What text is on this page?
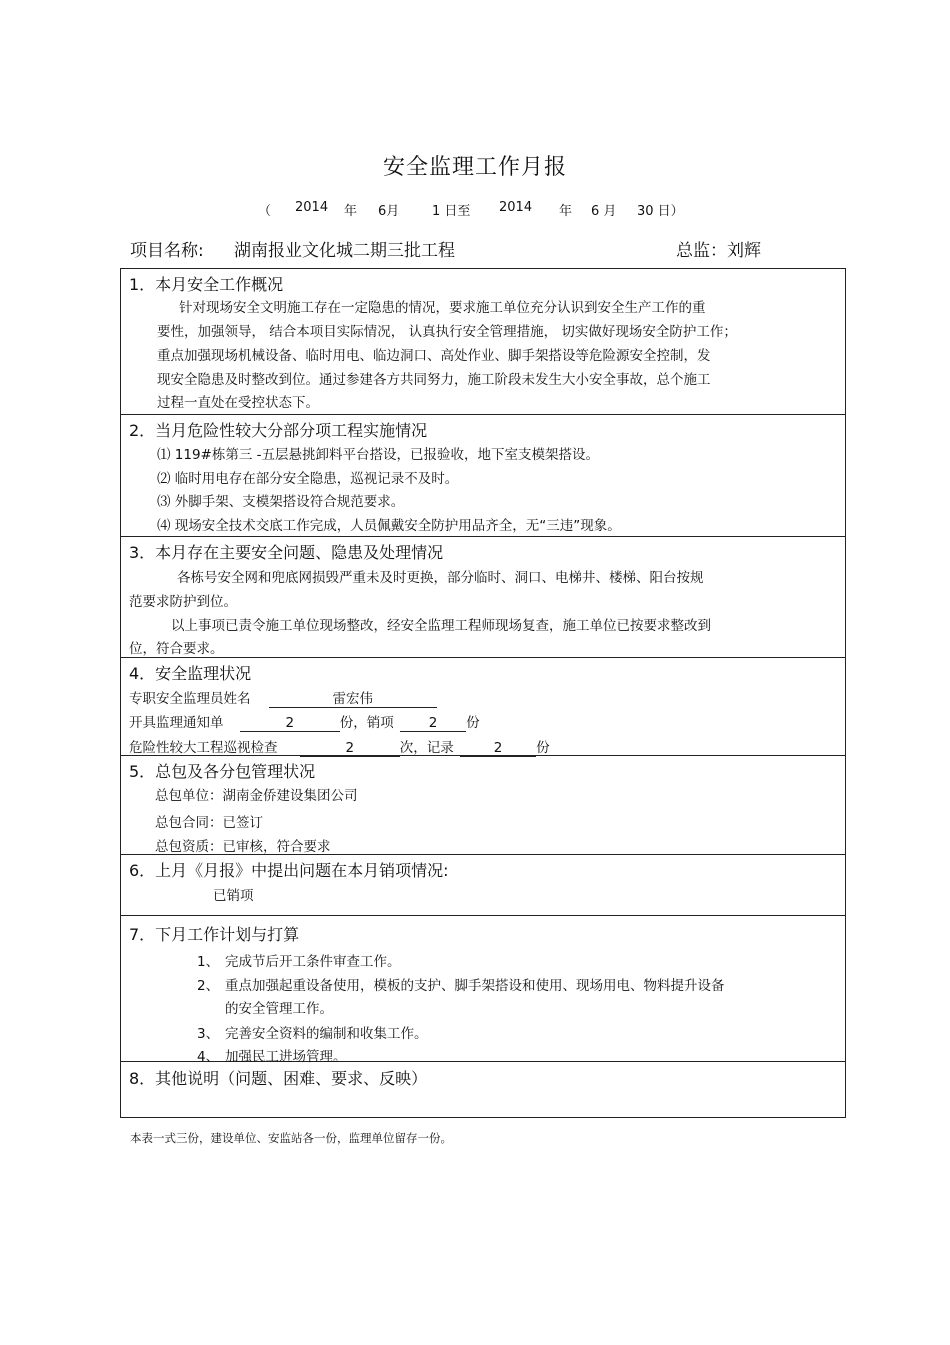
安全监理工作月报
（ 2014 年 6月	1 日至 2014 年 6 月 30 日）
项目名称: 湖南报业文化城二期三批工程	总监：刘辉
1．本月安全工作概况
针对现场安全文明施工存在一定隐患的情况，要求施工单位充分认识到安全生产工作的重
要性，加强领导， 结合本项目实际情况， 认真执行安全管理措施， 切实做好现场安全防护工作；
重点加强现场机械设备、临时用电、临边洞口、高处作业、脚手架搭设等危险源安全控制，发
现安全隐患及时整改到位。通过参建各方共同努力，施工阶段未发生大小安全事故，总个施工
过程一直处在受控状态下。

2．当月危险性较大分部分项工程实施情况
⑴ 119#栋第三 -五层悬挑卸料平台搭设，已报验收，地下室支模架搭设。
⑵ 临时用电存在部分安全隐患，巡视记录不及时。
⑶ 外脚手架、支模架搭设符合规范要求。
⑷ 现场安全技术交底工作完成，人员佩戴安全防护用品齐全，无“三违”现象。

3．本月存在主要安全问题、隐患及处理情况
各栋号安全网和兜底网损毁严重未及时更换，部分临时、洞口、电梯井、楼梯、阳台按规
范要求防护到位。
以上事项已责令施工单位现场整改，经安全监理工程师现场复查，施工单位已按要求整改到
位，符合要求。

4．安全监理状况
专职安全监理员姓名	雷宏伟
开具监理通知单	2	份，销项	2 份
危险性较大工程巡视检查	2	次，记录	2 份

5．总包及各分包管理状况
总包单位：湖南金侨建设集团公司
总包合同：已签订
总包资质：已审核，符合要求

6．上月《月报》中提出问题在本月销项情况:
已销项

7．下月工作计划与打算
1、 完成节后开工条件审查工作。
2、 重点加强起重设备使用，模板的支护、脚手架搭设和使用、现场用电、物料提升设备
的安全管理工作。
3、 完善安全资料的编制和收集工作。
4、 加强民工进场管理。

8．其他说明（问题、困难、要求、反映）
本表一式三份，建设单位、安监站各一份，监理单位留存一份。
